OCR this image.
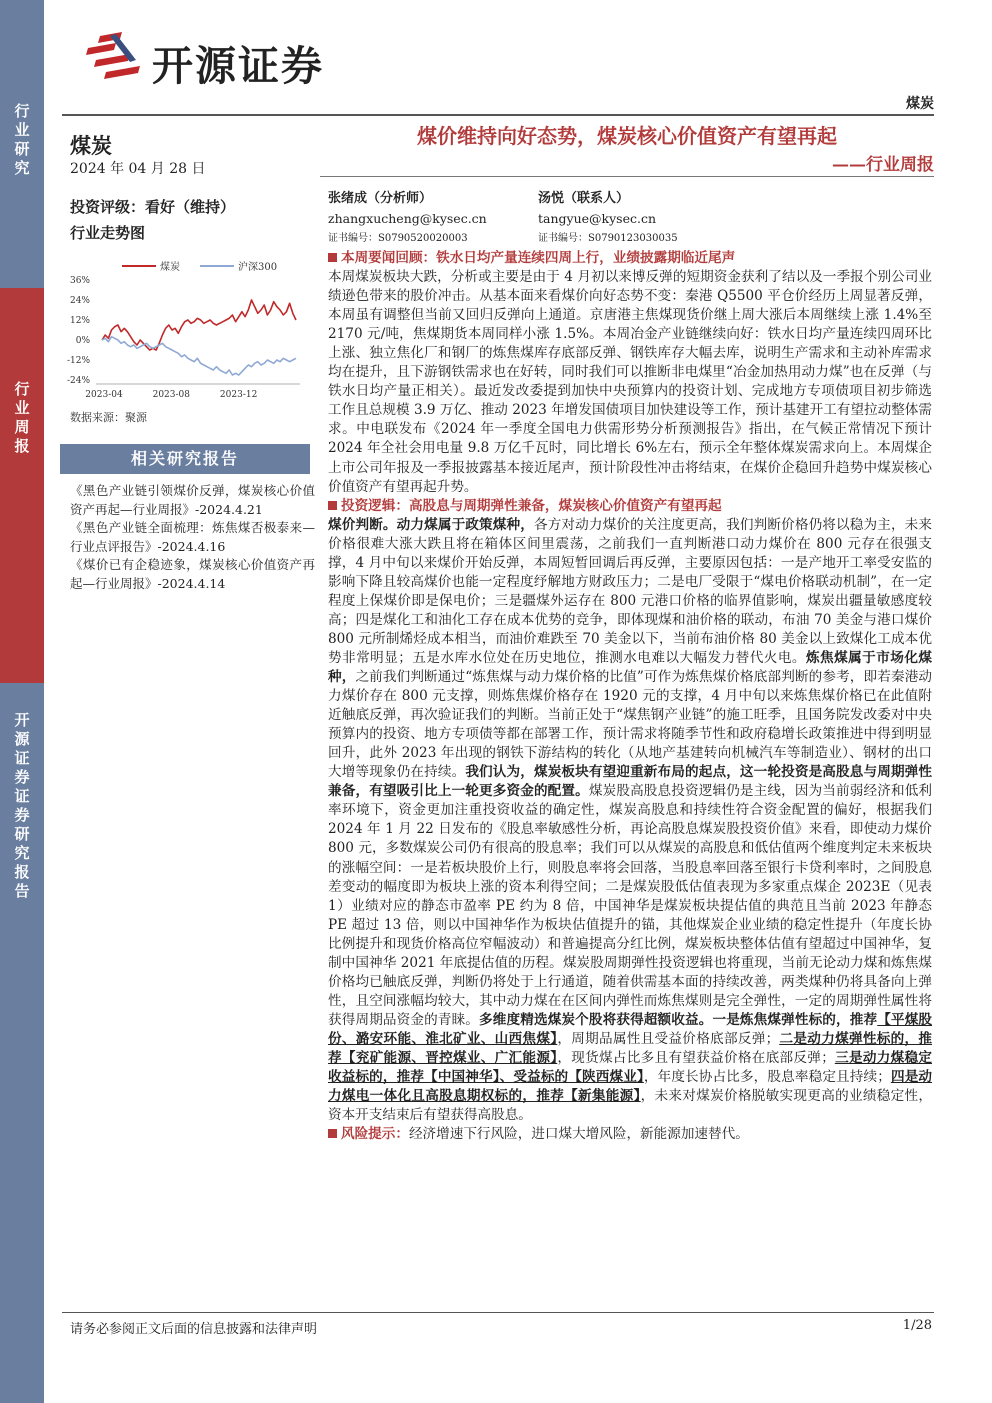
行业研究
行业周报
开源证券证券研究报告
开源证券
煤炭
煤炭
2024 年 04 月 28 日
投资评级：看好（维持）
行业走势图
36%
24%
12%
0%
-12%
-24%
2023-04	2023-08	2023-12
煤炭	沪深300
数据来源：聚源
相关研究报告
《黑色产业链引领煤价反弹，煤炭核心价值资产再起—行业周报》-2024.4.21
《黑色产业链全面梳理：炼焦煤否极泰来—行业点评报告》-2024.4.16
《煤价已有企稳迹象，煤炭核心价值资产再起—行业周报》-2024.4.14
煤价维持向好态势，煤炭核心价值资产有望再起
——行业周报
张绪成（分析师）
zhangxucheng@kysec.cn
证书编号：S0790520020003
汤悦（联系人）
tangyue@kysec.cn
证书编号：S0790123030035
本周要闻回顾：铁水日均产量连续四周上行，业绩披露期临近尾声
本周煤炭板块大跌，分析或主要是由于 4 月初以来博反弹的短期资金获利了结以及一季报个别公司业绩逊色带来的股价冲击。从基本面来看煤价向好态势不变：秦港 Q5500 平仓价经历上周显著反弹，本周虽有调整但当前又回归反弹向上通道。京唐港主焦煤现货价继上周大涨后本周继续上涨 1.4%至 2170 元/吨，焦煤期货本周同样小涨 1.5%。本周冶金产业链继续向好：铁水日均产量连续四周环比上涨、独立焦化厂和钢厂的炼焦煤库存底部反弹、钢铁库存大幅去库，说明生产需求和主动补库需求均在提升，且下游钢铁需求也在好转，同时我们可以推断非电煤里“冶金加热用动力煤”也在反弹（与铁水日均产量正相关）。最近发改委提到加快中央预算内的投资计划、完成地方专项债项目初步筛选工作且总规模 3.9 万亿、推动 2023 年增发国债项目加快建设等工作，预计基建开工有望拉动整体需求。中电联发布《2024 年一季度全国电力供需形势分析预测报告》指出，在气候正常情况下预计 2024 年全社会用电量 9.8 万亿千瓦时，同比增长 6%左右，预示全年整体煤炭需求向上。本周煤企上市公司年报及一季报披露基本接近尾声，预计阶段性冲击将结束，在煤价企稳回升趋势中煤炭核心价值资产有望再起升势。
投资逻辑：高股息与周期弹性兼备，煤炭核心价值资产有望再起
煤价判断。动力煤属于政策煤种，各方对动力煤价的关注度更高，我们判断价格仍将以稳为主，未来价格很难大涨大跌且将在箱体区间里震荡，之前我们一直判断港口动力煤价在 800 元存在很强支撑，4 月中旬以来煤价开始反弹，本周短暂回调后再反弹，主要原因包括：一是产地开工率受安监的影响下降且较高煤价也能一定程度纾解地方财政压力；二是电厂受限于“煤电价格联动机制”，在一定程度上保煤价即是保电价；三是疆煤外运存在 800 元港口价格的临界值影响，煤炭出疆量敏感度较高；四是煤化工和油化工存在成本优势的竞争，即体现煤和油价格的联动，布油 70 美金与港口煤价 800 元所制烯烃成本相当，而油价难跌至 70 美金以下，当前布油价格 80 美金以上致煤化工成本优势非常明显；五是水库水位处在历史地位，推测水电难以大幅发力替代火电。炼焦煤属于市场化煤种，之前我们判断通过“炼焦煤与动力煤价格的比值”可作为炼焦煤价格底部判断的参考，即若秦港动力煤价存在 800 元支撑，则炼焦煤价格存在 1920 元的支撑，4 月中旬以来炼焦煤价格已在此值附近触底反弹，再次验证我们的判断。当前正处于“煤焦钢产业链”的施工旺季，且国务院发改委对中央预算内的投资、地方专项债等都在部署工作，预计需求将随季节性和政府稳增长政策推进中得到明显回升，此外 2023 年出现的钢铁下游结构的转化（从地产基建转向机械汽车等制造业）、钢材的出口大增等现象仍在持续。我们认为，煤炭板块有望迎重新布局的起点，这一轮投资是高股息与周期弹性兼备，有望吸引比上一轮更多资金的配置。煤炭股高股息投资逻辑仍是主线，因为当前弱经济和低利率环境下，资金更加注重投资收益的确定性，煤炭高股息和持续性符合资金配置的偏好，根据我们 2024 年 1 月 22 日发布的《股息率敏感性分析，再论高股息煤炭股投资价值》来看，即使动力煤价 800 元，多数煤炭公司仍有很高的股息率；我们可以从煤炭的高股息和低估值两个维度判定未来板块的涨幅空间：一是若板块股价上行，则股息率将会回落，当股息率回落至银行卡贷利率时，之间股息差变动的幅度即为板块上涨的资本利得空间；二是煤炭股低估值表现为多家重点煤企 2023E（见表 1）业绩对应的静态市盈率 PE 约为 8 倍，中国神华是煤炭板块提估值的典范且当前 2023 年静态 PE 超过 13 倍，则以中国神华作为板块估值提升的锚，其他煤炭企业业绩的稳定性提升（年度长协比例提升和现货价格高位窄幅波动）和普遍提高分红比例，煤炭板块整体估值有望超过中国神华，复制中国神华 2021 年底提估值的历程。煤炭股周期弹性投资逻辑也将重现，当前无论动力煤和炼焦煤价格均已触底反弹，判断仍将处于上行通道，随着供需基本面的持续改善，两类煤种仍将具备向上弹性，且空间涨幅均较大，其中动力煤在在区间内弹性而炼焦煤则是完全弹性，一定的周期弹性属性将获得周期品资金的青睐。多维度精选煤炭个股将获得超额收益。一是炼焦煤弹性标的，推荐【平煤股份、潞安环能、淮北矿业、山西焦煤】，周期品属性且受益价格底部反弹；二是动力煤弹性标的，推荐【兖矿能源、晋控煤业、广汇能源】，现货煤占比多且有望获益价格在底部反弹；三是动力煤稳定收益标的，推荐【中国神华】、受益标的【陕西煤业】，年度长协占比多，股息率稳定且持续；四是动力煤电一体化且高股息期权标的，推荐【新集能源】，未来对煤炭价格脱敏实现更高的业绩稳定性，资本开支结束后有望获得高股息。
风险提示：经济增速下行风险，进口煤大增风险，新能源加速替代。
请务必参阅正文后面的信息披露和法律声明	1/28
